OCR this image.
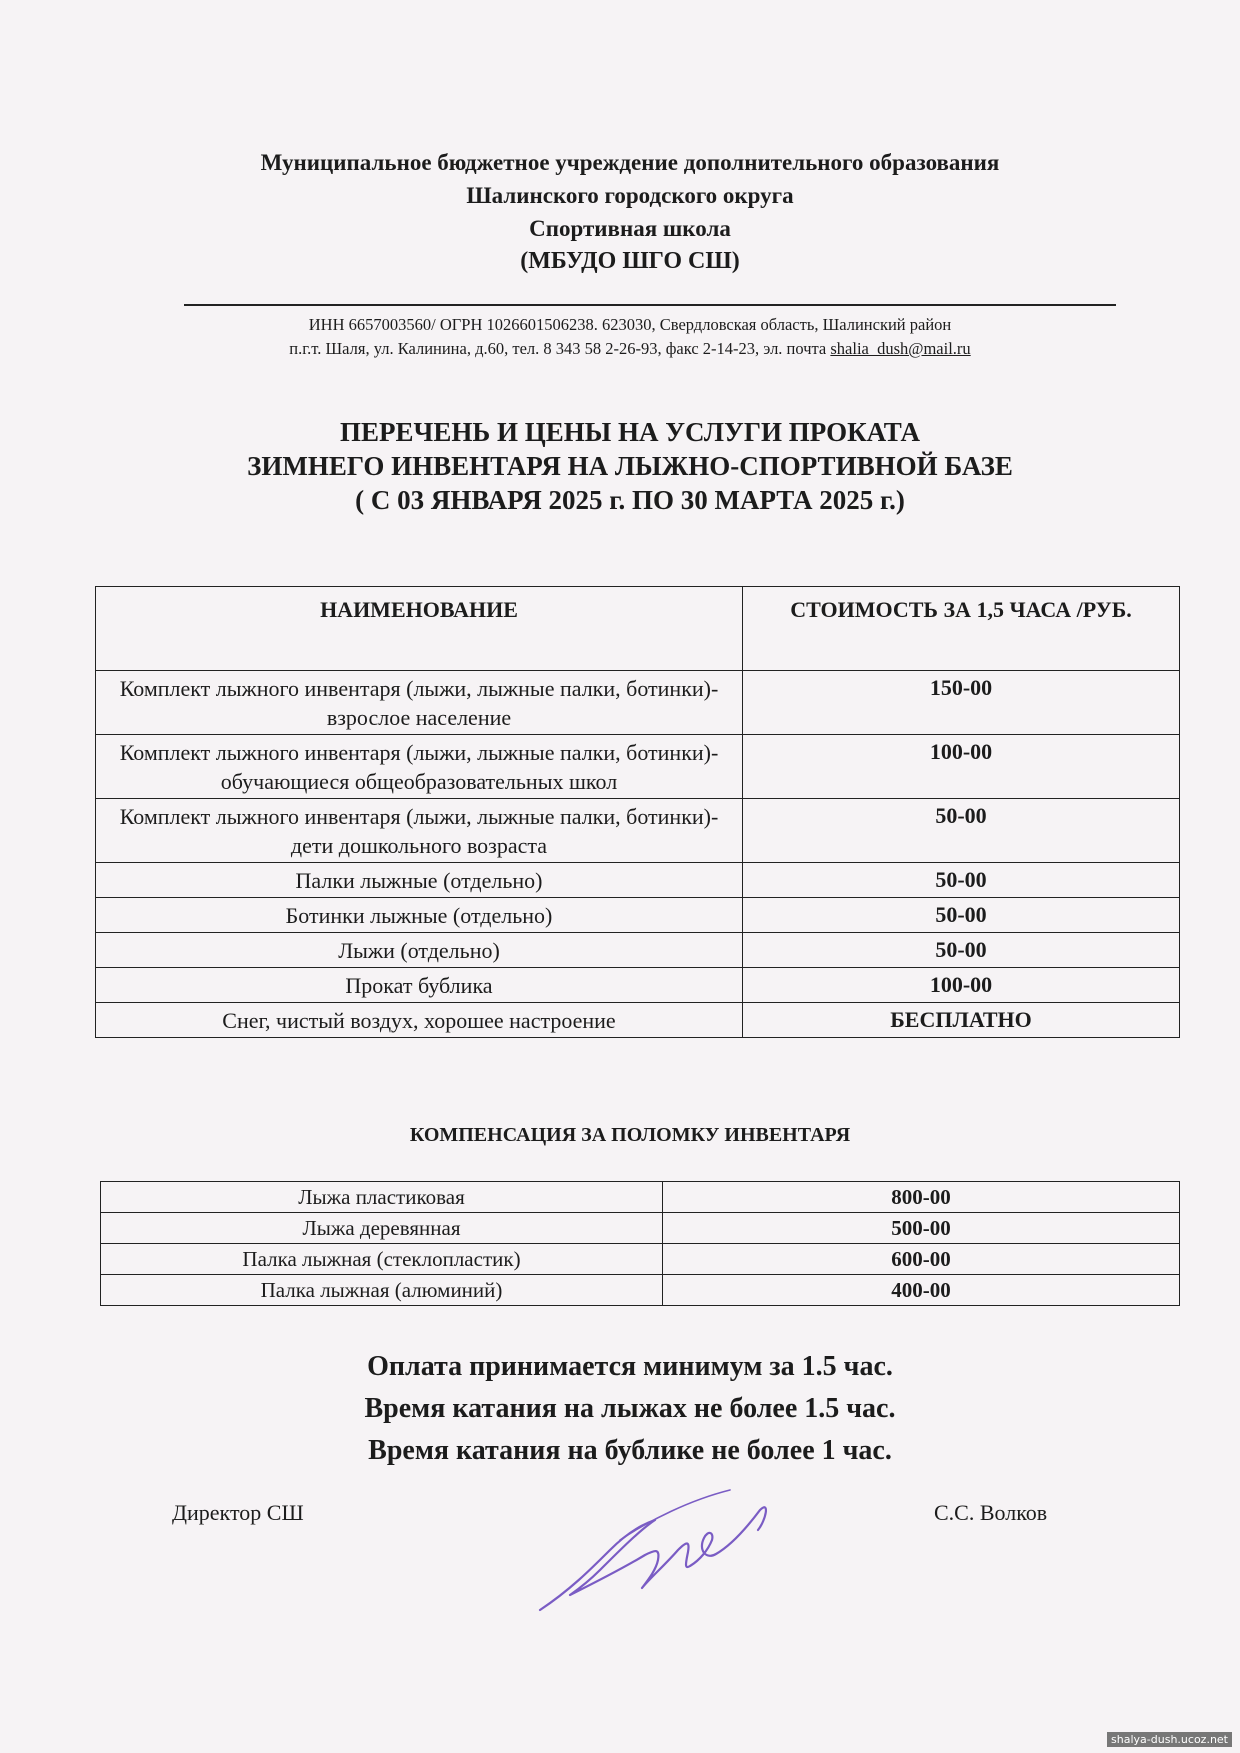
Муниципальное бюджетное учреждение дополнительного образования
Шалинского городского округа
Спортивная школа
(МБУДО ШГО СШ)
ИНН 6657003560/ ОГРН 1026601506238. 623030, Свердловская область, Шалинский район
п.г.т. Шаля, ул. Калинина, д.60, тел. 8 343 58 2-26-93, факс 2-14-23, эл. почта shalia_dush@mail.ru
ПЕРЕЧЕНЬ И ЦЕНЫ НА УСЛУГИ ПРОКАТА
ЗИМНЕГО ИНВЕНТАРЯ НА ЛЫЖНО-СПОРТИВНОЙ БАЗЕ
( С 03 ЯНВАРЯ 2025 г. ПО 30 МАРТА 2025 г.)
НАИМЕНОВАНИЕ	СТОИМОСТЬ ЗА 1,5 ЧАСА /РУБ.
Комплект лыжного инвентаря (лыжи, лыжные палки, ботинки)-взрослое население	150-00
Комплект лыжного инвентаря (лыжи, лыжные палки, ботинки)-обучающиеся общеобразовательных школ	100-00
Комплект лыжного инвентаря (лыжи, лыжные палки, ботинки)-дети дошкольного возраста	50-00
Палки лыжные (отдельно)	50-00
Ботинки лыжные (отдельно)	50-00
Лыжи (отдельно)	50-00
Прокат бублика	100-00
Снег, чистый воздух, хорошее настроение	БЕСПЛАТНО
КОМПЕНСАЦИЯ ЗА ПОЛОМКУ ИНВЕНТАРЯ
Лыжа пластиковая	800-00
Лыжа деревянная	500-00
Палка лыжная (стеклопластик)	600-00
Палка лыжная (алюминий)	400-00
Оплата принимается минимум за 1.5 час.
Время катания на лыжах не более 1.5 час.
Время катания на бублике не более 1 час.
Директор СШ	С.С. Волков
shalya-dush.ucoz.net
